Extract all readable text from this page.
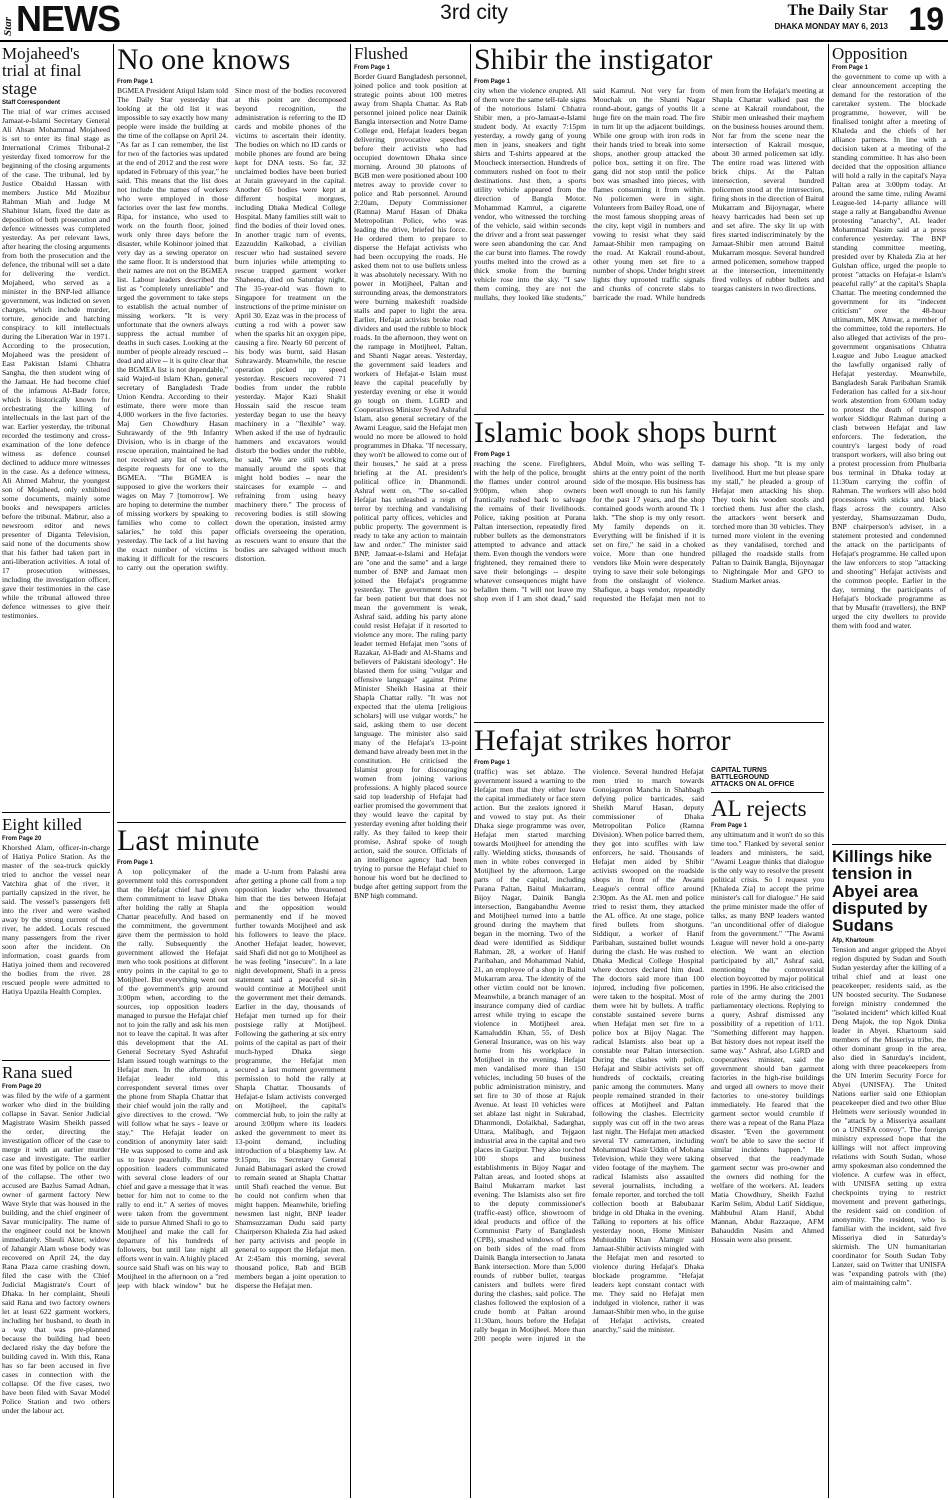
Star NEWS	3rd city	The Daily Star
DHAKA MONDAY MAY 6, 2013 19
Mojaheed's trial at final stage
Staff Correspondent

The trial of war crimes accused Jamaat-e-Islami Secretary General Ali Ahsan Mohammad Mojaheed is set to enter its final stage as International Crimes Tribunal-2 yesterday fixed tomorrow for the beginning of the closing arguments of the case. The tribunal, led by Justice Obaidul Hassan with members Justice Md Mozibur Rahman Miah and Judge M Shahinur Islam, fixed the date as deposition of both prosecution and defence witnesses was completed yesterday. As per relevant laws, after hearing the closing arguments from both the prosecution and the defence, the tribunal will set a date for delivering the verdict. Mojaheed, who served as a minister in the BNP-led alliance government, was indicted on seven charges, which include murder, torture, genocide and hatching conspiracy to kill intellectuals during the Liberation War in 1971. According to the prosecution, Mojaheed was the president of East Pakistan Islami Chhatra Sangha, the then student wing of the Jamaat. He had become chief of the infamous Al-Badr force, which is historically known for orchestrating the killing of intellectuals in the last part of the war. Earlier yesterday, the tribunal recorded the testimony and cross-examination of the lone defence witness as defence counsel declined to adduce more witnesses in the case. As a defence witness, Ali Ahmed Mabrur, the youngest son of Mojaheed, only exhibited some documents, mainly some books and newspapers articles before the tribunal. Mabrur, also a newsroom editor and news presenter of Diganta Television, said none of the documents show that his father had taken part in anti-liberation activities. A total of 17 prosecution witnesses, including the investigation officer, gave their testimonies in the case while the tribunal allowed three defence witnesses to give their testimonies.

Eight killed
From Page 20

Khorshed Alam, officer-in-charge of Hatiya Police Station. As the master of the sea-truck quickly tried to anchor the vessel near Vatchira ghat of the river, it partially capsized in the river, he said. The vessel's passengers fell into the river and were washed away by the strong current of the river, he added. Locals rescued many passengers from the river soon after the incident. On information, coast guards from Hatiya joined them and recovered the bodies from the river. 28 rescued people were admitted to Hatiya Upazila Health Complex.

Rana sued
From Page 20

was filed by the wife of a garment worker who died in the building collapse in Savar. Senior Judicial Magistrate Wasim Sheikh passed the order, directing the investigation officer of the case to merge it with an earlier murder case and investigate. The earlier one was filed by police on the day of the collapse. The other two accused are Bazlus Samad Adnan, owner of garment factory New Wave Style that was housed in the building, and the chief engineer of Savar municipality. The name of the engineer could not be known immediately. Sheuli Akter, widow of Jahangir Alam whose body was recovered on April 24, the day Rana Plaza came crashing down, filed the case with the Chief Judicial Magistrate's Court of Dhaka. In her complaint, Sheuli said Rana and two factory owners let at least 622 garment workers, including her husband, to death in a way that was pre-planned because the building had been declared risky the day before the building caved in. With this, Rana has so far been accused in five cases in connection with the collapse. Of the five cases, two have been filed with Savar Model Police Station and two others under the labour act.

No one knows
From Page 1

BGMEA President Atiqul Islam told The Daily Star yesterday that looking at the old list it was impossible to say exactly how many people were inside the building at the time of the collapse on April 24. "As far as I can remember, the list for two of the factories was updated at the end of 2012 and the rest were updated in February of this year," he said. This means that the list does not include the names of workers who were employed in those factories over the last few months. Ripa, for instance, who used to work on the fourth floor, joined work only three days before the disaster, while Kohinoor joined that very day as a sewing operator on the same floor. It is understood that their names are not on the BGMEA list. Labour leaders described the list as "completely unreliable" and urged the government to take steps to establish the actual number of missing workers. "It is very unfortunate that the owners always suppress the actual number of deaths in such cases. Looking at the number of people already rescued -- dead and alive -- it is quite clear that the BGMEA list is not dependable," said Wajed-ul Islam Khan, general secretary of Bangladesh Trade Union Kendra. According to their estimate, there were more than 4,000 workers in the five factories. Maj Gen Chowdhury Hasan Suhrawardy of the 9th Infantry Division, who is in charge of the rescue operation, maintained he had not received any list of workers, despite requests for one to the BGMEA. "The BGMEA is supposed to give the workers their wages on May 7 [tomorrow]. We are hoping to determine the number of missing workers by speaking to families who come to collect salaries," he told this paper yesterday. The lack of a list having the exact number of victims is making it difficult for the rescuers to carry out the operation swiftly. Since most of the bodies recovered at this point are decomposed beyond recognition, the administration is referring to the ID cards and mobile phones of the victims to ascertain their identity. The bodies on which no ID cards or mobile phones are found are being kept for DNA tests. So far, 32 unclaimed bodies have been buried at Jurain graveyard in the capital. Another 65 bodies were kept at different hospital morgues, including Dhaka Medical College Hospital. Many families still wait to find the bodies of their loved ones. In another tragic turn of events, Ezazuddin Kaikobad, a civilian rescuer who had sustained severe burn injuries while attempting to rescue trapped garment worker Shaheena, died on Saturday night. The 35-year-old was flown to Singapore for treatment on the instructions of the prime minister on April 30. Ezaz was in the process of cutting a rod with a power saw when the sparks hit an oxygen pipe, causing a fire. Nearly 60 percent of his body was burnt, said Hasan Suhrawardy. Meanwhile, the rescue operation picked up speed yesterday. Rescuers recovered 71 bodies from under the rubble yesterday. Major Kazi Shakil Hossain said the rescue team yesterday began to use the heavy machinery in a "flexible" way. When asked if the use of hydraulic hammers and excavators would disturb the bodies under the rubble, he said, "We are still working manually around the spots that might hold bodies -- near the staircases for example -- and refraining from using heavy machinery there." The process of recovering bodies is still slowing down the operation, insisted army officials overseeing the operation, as rescuers want to ensure that the bodies are salvaged without much distortion.

Last minute
From Page 1

A top policymaker of the government told this correspondent that the Hefajat chief had given them commitment to leave Dhaka after holding the rally at Shapla Chattar peacefully. And based on the commitment, the government gave them the permission to hold the rally. Subsequently the government allowed the Hefajat men who took positions at different entry points in the capital to go to Motijheel. But everything went out of the government's grip around 3:00pm when, according to the sources, top opposition leaders managed to pursue the Hefajat chief not to join the rally and ask his men not to leave the capital. It was after this development that the AL General Secretary Syed Ashraful Islam issued tough warnings to the Hefajat men. In the afternoon, a Hefajat leader told this correspondent several times over the phone from Shapla Chattar that their chief would join the rally and give directives to the crowd. "We will follow what he says - leave or stay." The Hefajat leader on condition of anonymity later said: "He was supposed to come and ask us to leave peacefully. But some opposition leaders communicated with several close leaders of our chief and gave a message that it was better for him not to come to the rally to end it." A series of moves were taken from the government side to pursue Ahmed Shafi to go to Motijheel and make the call for departure of his hundreds of followers, but until late night all efforts went in vain. A highly placed source said Shafi was on his way to Motijheel in the afternoon on a "red jeep with black window" but he made a U-turn from Palashi area after getting a phone call from a top opposition leader who threatened him that the ties between Hefajat and the opposition would permanently end if he moved further towards Motijheel and ask his followers to leave the place. Another Hefajat leader, however, said Shafi did not go to Motijheel as he was feeling "insecure". In a late night development, Shafi in a press statement said a peaceful sit-in would continue at Motijheel until the government met their demands. Earlier in the day, thousands of Hefajat men turned up for their postsiege rally at Motijheel. Following the gathering at six entry points of the capital as part of their much-hyped Dhaka siege programme, the Hefajat men secured a last moment government permission to hold the rally at Shapla Chattar. Thousands of Hefajat-e Islam activists converged on Motijheel, the capital's commercial hub, to join the rally at around 3:00pm where its leaders asked the government to meet its 13-point demand, including introduction of a blasphemy law. At 9:15pm, its Secretary General Junaid Babunagari asked the crowd to remain seated at Shapla Chattar until Shafi reached the venue. But he could not confirm when that might happen. Meanwhile, briefing newsmen last night, BNP leader Shamsuzzaman Dudu said party Chairperson Khaleda Zia had asked her party activists and people in general to support the Hefajat men. At 2:45am this morning, several thousand police, Rab and BGB members began a joint operation to disperse the Hefajat men.

Flushed
From Page 1

Border Guard Bangladesh personnel, joined police and took position at strategic points about 100 metres away from Shapla Chattar. As Rab personnel joined police near Dainik Bangla intersection and Notre Dame College end, Hefajat leaders began delivering provocative speeches before their activists who had occupied downtown Dhaka since morning. Around 30 platoons of BGB men were positioned about 100 metres away to provide cover to police and Rab personnel. Around 2:20am, Deputy Commissioner (Ramna) Maruf Hasan of Dhaka Metropolitan Police, who was leading the drive, briefed his force. He ordered them to prepare to disperse the Hefajat activists who had been occupying the roads. He asked them not to use bullets unless it was absolutely necessary. With no power in Motijheel, Paltan and surrounding areas, the demonstrators were burning makeshift roadside stalls and paper to light the area. Earlier, Hefajat activists broke road dividers and used the rubble to block roads. In the afternoon, they went on the rampage in Motijheel, Paltan, and Shanti Nagar areas. Yesterday, the government said leaders and workers of Hefajat-e Islam must leave the capital peacefully by yesterday evening or else it would go tough on them. LGRD and Cooperatives Minister Syed Ashraful Islam, also general secretary of the Awami League, said the Hefajat men would no more be allowed to hold programmes in Dhaka. "If necessary, they won't be allowed to come out of their houses," he said at a press briefing at the AL president's political office in Dhanmondi. Ashraf went on, "The so-called Hefajat has unleashed a reign of terror by torching and vandalising political party offices, vehicles and public property. The government is ready to take any action to maintain law and order." The minister said BNP, Jamaat-e-Islami and Hefajat are "one and the same" and a large number of BNP and Jamaat men joined the Hefajat's programme yesterday. The government has so far been patient but that does not mean the government is weak, Ashraf said, adding his party alone could resist Hefajat if it resorted to violence any more. The ruling party leader termed Hefajat men "sons of Razakar, Al-Badr and Al-Shams and believers of Pakistani ideology". He blasted them for using "vulgar and offensive language" against Prime Minister Sheikh Hasina at their Shapla Chattar rally. "It was not expected that the ulema [religious scholars] will use vulgar words," he said, asking them to use decent language. The minister also said many of the Hefajat's 13-point demand have already been met in the constitution. He criticised the Islamist group for discouraging women from joining various professions. A highly placed source said top leadership of Hefajat had earlier promised the government that they would leave the capital by yesterday evening after holding their rally. As they failed to keep their promise, Ashraf spoke of tough action, said the source. Officials of an intelligence agency had been trying to pursue the Hefajat chief to honour his word but he declined to budge after getting support from the BNP high command.

Shibir the instigator
From Page 1

city when the violence erupted. All of them wore the same tell-tale signs of the notorious Islami Chhatra Shibir men, a pro-Jamaat-e-Islami student body. At exactly 7:15pm yesterday, a rowdy gang of young men in jeans, sneakers and tight shirts and T-shirts appeared at the Moucheck intersection. Hundreds of commuters rushed on foot to their destinations. Just then, a sports utility vehicle appeared from the direction of Bangla Motor. Mohammad Kamrul, a cigarette vendor, who witnessed the torching of the vehicle, said within seconds the driver and a front seat passenger were seen abandoning the car. And the car burst into flames. The rowdy youths melted into the crowd as a thick smoke from the burning vehicle rose into the sky. "I saw them coming, they are not the mullahs, they looked like students," said Kamrul. Not very far from Mouchak on the Shanti Nagar round-about, gangs of youths lit a huge fire on the main road. The fire in turn lit up the adjacent buildings. While one group with iron rods in their hands tried to break into some shops, another group attacked the police box, setting it on fire. The gang did not stop until the police box was smashed into pieces, with flames consuming it from within. No policemen were in sight. Volunteers from Bailey Road, one of the most famous shopping areas of the city, kept vigil in numbers and vowing to resist what they said Jamaat-Shibir men rampaging on the road. At Kakrail round-about, other young men set fire to a number of shops. Under bright street lights they uprooted traffic signals and chunks of concrete slabs to barricade the road. While hundreds of men from the Hefajat's meeting at Shapla Chattar walked past the scene at Kakrail roundabout, the Shibir men unleashed their mayhem on the business houses around them. Not far from the scene near the intersection of Kakrail mosque, about 30 armed policemen sat idly. The entire road was littered with brick chips. At the Paltan intersection, several hundred policemen stood at the intersection, firing shots in the direction of Baitul Mukarram and Bijoynagar, where heavy barricades had been set up and set afire. The sky lit up with fires started indiscriminately by the Jamaat-Shibir men around Baitul Mukarram mosque. Several hundred armed policemen, somehow trapped at the intersection, intermittently fired volleys of rubber bullets and teargas canisters in two directions.

Islamic book shops burnt
From Page 1

reaching the scene. Firefighters, with the help of the police, brought the flames under control around 9:00pm, when shop owners frantically rushed back to salvage the remains of their livelihoods. Police, taking position at Purana Paltan intersection, repeatedly fired rubber bullets as the demonstrators attempted to advance and attack them. Even though the vendors were frightened, they remained there to save their belongings -- despite whatever consequences might have befallen them. "I will not leave my shop even if I am shot dead," said Abdul Moin, who was selling T-shirts at the entry point of the north side of the mosque. His business has been well enough to run his family for the past 17 years, and the shop contained goods worth around Tk 1 lakh. "The shop is my only resort. My family depends on it. Everything will be finished if it is set on fire," he said in a choked voice. More than one hundred vendors like Moin were desperately trying to save their sole belongings from the onslaught of violence. Shafique, a bags vendor, repeatedly requested the Hefajat men not to damage his shop. "It is my only livelihood. Hurt me but please spare my stall," he pleaded a group of Hefajat men attacking his shop. They took his wooden stools and torched them. Just after the clash, the attackers went berserk and torched more than 30 vehicles. They turned more violent in the evening as they vandalised, torched and pillaged the roadside stalls from Paltan to Dainik Bangla, Bijoynagar to Nightingale Mor and GPO to Stadium Market areas.

Hefajat strikes horror
From Page 1

(traffic) was set ablaze. The government issued a warning to the Hefajat men that they either leave the capital immediately or face stern action. But the zealots ignored it and vowed to stay put. As their Dhaka siege programme was over, Hefajat men started marching towards Motijheel for attending the rally. Wielding sticks, thousands of men in white robes converged in Motijheel by the afternoon. Large parts of the capital, including Purana Paltan, Baitul Mukarram, Bijoy Nagar, Dainik Bangla intersection, Bangabandhu Avenue and Motijheel turned into a battle ground during the mayhem that began in the morning. Two of the dead were identified as Siddiqur Rahman, 28, a worker of Hanif Paribahan, and Mohammad Nahid, 21, an employee of a shop in Baitul Mukarram area. The identity of the other victim could not be known. Meanwhile, a branch manager of an insurance company died of cardiac arrest while trying to escape the violence in Motijheel area. Kamaluddin Khan, 55, of Desh General Insurance, was on his way home from his workplace in Motijheel in the evening. Hefajat men vandalised more than 150 vehicles, including 50 buses of the public administration ministry, and set fire to 30 of those at Rajuk Avenue. At least 10 vehicles were set ablaze last night in Sukrabad, Dhanmondi, Dolaikhal, Sadarghat, Uttara, Malibagh, and Tejgaon industrial area in the capital and two places in Gazipur. They also torched 100 shops and business establishments in Bijoy Nagar and Paltan areas, and looted shops at Baitul Mukarram market last evening. The Islamists also set fire to the deputy commissioner's (traffic-east) office, showroom of ideal products and office of the Communist Party of Bangladesh (CPB), smashed windows of offices on both sides of the road from Dainik Bangla intersection to Janata Bank intersection. More than 5,000 rounds of rubber bullet, teargas canisters and bullets were fired during the clashes, said police. The clashes followed the explosion of a crude bomb at Paltan around 11:30am, hours before the Hefajat rally began in Motijheel. More than 200 people were injured in the violence. Several hundred Hefajat men tried to march towards Gonojagoron Mancha in Shahbagh defying police barricades, said Sheikh Maruf Hasan, deputy commissioner of Dhaka Metropolitan Police (Ramna Division). When police barred them, they got into scuffles with law enforcers, he said. Thousands of Hefajat men aided by Shibir activists swooped on the roadside shops in front of the Awami League's central office around 2:30pm. As the AL men and police tried to resist them, they attacked the AL office. At one stage, police fired bullets from shotguns. Siddiqur, a worker of Hanif Paribahan, sustained bullet wounds during the clash. He was rushed to Dhaka Medical College Hospital where doctors declared him dead. The doctors said more than 100 injured, including five policemen, were taken to the hospital. Most of them were hit by bullets. A traffic constable sustained severe burns when Hefajat men set fire to a police box at Bijoy Nagar. The radical Islamists also beat up a constable near Paltan intersection. During the clashes with police, Hefajat and Shibir activists set off hundreds of cocktails, creating panic among the commuters. Many people remained stranded in their offices at Motijheel and Paltan following the clashes. Electricity supply was cut off in the two areas last night. The Hefajat men attacked several TV cameramen, including Mohammad Nasir Uddin of Mohana Television, while they were taking video footage of the mayhem. The radical Islamists also assaulted several journalists, including a female reporter, and torched the toll collection booth at Babubazar bridge in old Dhaka in the evening. Talking to reporters at his office yesterday noon, Home Minister Muhiuddin Khan Alamgir said Jamaat-Shibir activists mingled with the Hefajat men and resorted to violence during Hefajat's Dhaka blockade programme. "Hefajat leaders kept constant contact with me. They said no Hefajat men indulged in violence, rather it was Jamaat-Shibir men who, in the guise of Hefajat activists, created anarchy," said the minister.

CAPITAL TURNS BATTLEGROUND
ATTACKS ON AL OFFICE
AL rejects
From Page 1

any ultimatum and it won't do so this time too." Flanked by several senior leaders and ministers, he said, "Awami League thinks that dialogue is the only way to resolve the present political crisis. So I request you [Khaleda Zia] to accept the prime minister's call for dialogue." He said the prime minister made the offer of talks, as many BNP leaders wanted "an unconditional offer of dialogue from the government." "The Awami League will never hold a one-party election. We want an election participated by all," Ashraf said, mentioning the controversial election boycotted by major political parties in 1996. He also criticised the role of the army during the 2001 parliamentary elections. Replying to a query, Ashraf dismissed any possibility of a repetition of 1/11. "Something different may happen. But history does not repeat itself the same way." Ashraf, also LGRD and cooperatives minister, said the government should ban garment factories in the high-rise buildings and urged all owners to move their factories to one-storey buildings immediately. He feared that the garment sector would crumble if there was a repeat of the Rana Plaza disaster. "Even the government won't be able to save the sector if similar incidents happen." He observed that the readymade garment sector was pro-owner and the owners did nothing for the welfare of the workers. AL leaders Matia Chowdhury, Sheikh Fazlul Karim Selim, Abdul Latif Siddique, Mahbubul Alam Hanif, Abdul Mannan, Abdur Razzaque, AFM Bahauddin Nasim and Ahmed Hossain were also present.

Opposition
From Page 1

the government to come up with a clear announcement accepting the demand for the restoration of the caretaker system. The blockade programme, however, will be finalised tonight after a meeting of Khaleda and the chiefs of her alliance partners. In line with a decision taken at a meeting of the standing committee. It has also been decided that the opposition alliance will hold a rally in the capital's Naya Paltan area at 3:00pm today. At around the same time, ruling Awami League-led 14-party alliance will stage a rally at Bangabandhu Avenue protesting "anarchy", AL leader Mohammad Nasim said at a press conference yesterday. The BNP standing committee meeting, presided over by Khaleda Zia at her Gulshan office, urged the people to protest "attacks on Hefajat-e Islam's peaceful rally" at the capital's Shapla Chattar. The meeting condemned the government for its "indecent criticism" over the 48-hour ultimatum, MK Anwar, a member of the committee, told the reporters. He also alleged that activists of the pro-government organisations Chhatra League and Jubo League attacked the lawfully organised rally of Hefajat yesterday. Meanwhile, Bangladesh Sarak Paribahan Sramik Federation has called for a six-hour work abstention from 6:00am today to protest the death of transport worker Siddiqur Rahman during a clash between Hefajat and law enforcers. The federation, the country's largest body of road transport workers, will also bring out a protest procession from Phulbaria bus terminal in Dhaka today at 11:30am carrying the coffin of Rahman. The workers will also hold processions with sticks and black flags across the country. Also yesterday, Shamsuzzaman Dudu, BNP chairperson's adviser, in a statement protested and condemned the attack on the participants of Hefajat's programme. He called upon the law enforcers to stop "attacking and shooting" Hefajat activists and the common people. Earlier in the day, terming the participants of Hefajat's blockade programme as that by Musafir (travellers), the BNP urged the city dwellers to provide them with food and water.

Killings hike tension in Abyei area disputed by Sudans
Afp, Khartoum

Tension and anger gripped the Abyei region disputed by Sudan and South Sudan yesterday after the killing of a tribal chief and at least one peacekeeper, residents said, as the UN boosted security. The Sudanese foreign ministry condemned the "isolated incident" which killed Kual Deng Majok, the top Ngok Dinka leader in Abyei. Khartoum said members of the Misseriya tribe, the other dominant group in the area, also died in Saturday's incident, along with three peacekeepers from the UN Interim Security Force for Abyei (UNISFA). The United Nations earlier said one Ethiopian peacekeeper died and two other Blue Helmets were seriously wounded in the "attack by a Misseriya assailant on a UNISFA convoy". The foreign ministry expressed hope that the killings will not affect improving relations with South Sudan, whose army spokesman also condemned the violence. A curfew was in effect, with UNISFA setting up extra checkpoints trying to restrict movement and prevent gatherings, the resident said on condition of anonymity. The resident, who is familiar with the incident, said five Misseriya died in Saturday's skirmish. The UN humanitarian coordinator for South Sudan Toby Lanzer, said on Twitter that UNISFA was "expanding patrols with (the) aim of maintaining calm".
